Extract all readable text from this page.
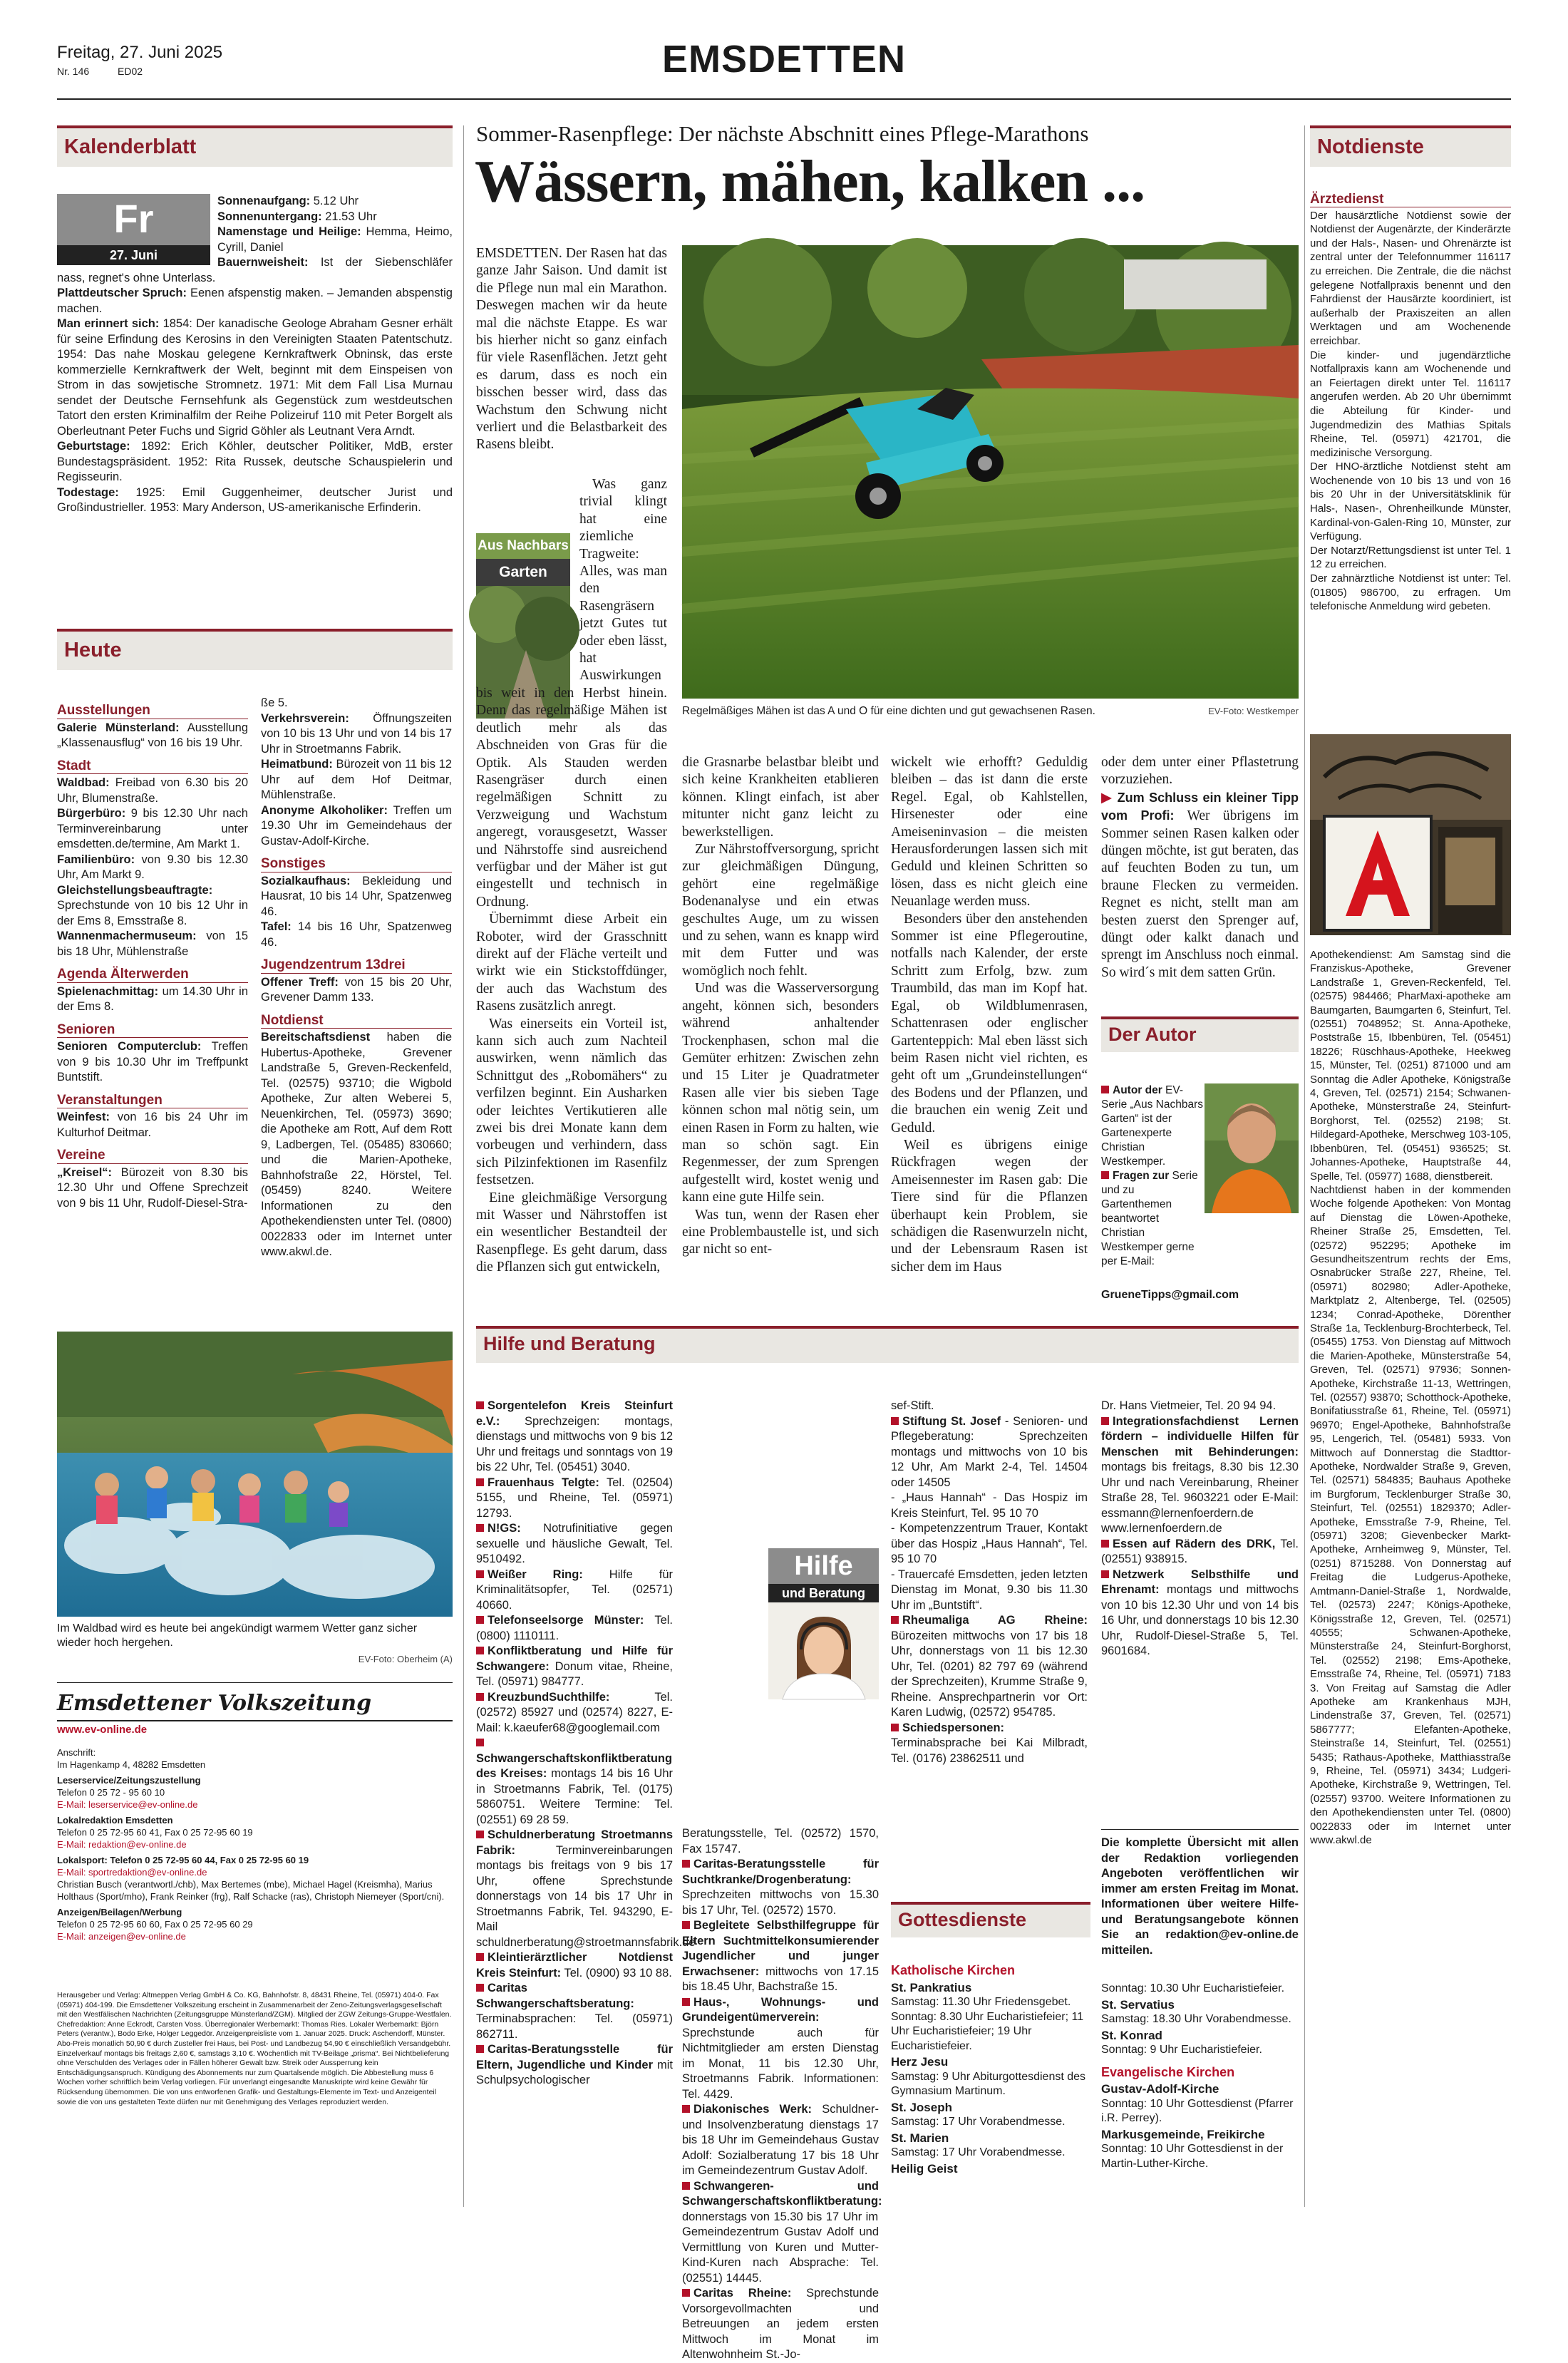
Freitag, 27. Juni 2025
Nr. 146	ED02	EMSDETTEN
Kalenderblatt
Fr
27. Juni
Sonnenaufgang: 5.12 Uhr
Sonnenuntergang: 21.53 Uhr
Namenstage und Heilige: Hemma, Heimo, Cyrill, Daniel
Bauernweisheit: Ist der Siebenschläfer nass, regnet's ohne Unterlass.
Plattdeutscher Spruch: Eenen afspenstig maken. – Jemanden abspenstig machen.
Man erinnert sich: 1854: Der kanadische Geologe Abraham Gesner erhält für seine Erfindung des Kerosins in den Vereinigten Staaten Patentschutz. 1954: Das nahe Moskau gelegene Kernkraftwerk Obninsk, das erste kommerzielle Kernkraftwerk der Welt, beginnt mit dem Einspeisen von Strom in das sowjetische Stromnetz. 1971: Mit dem Fall Lisa Murnau sendet der Deutsche Fernsehfunk als Gegenstück zum westdeutschen Tatort den ersten Kriminalfilm der Reihe Polizeiruf 110 mit Peter Borgelt als Oberleutnant Peter Fuchs und Sigrid Göhler als Leutnant Vera Arndt.
Geburtstage: 1892: Erich Köhler, deutscher Politiker, MdB, erster Bundestagspräsident. 1952: Rita Russek, deutsche Schauspielerin und Regisseurin.
Todestage: 1925: Emil Guggenheimer, deutscher Jurist und Großindustrieller. 1953: Mary Anderson, US-amerikanische Erfinderin.
Heute
Ausstellungen
Galerie Münsterland: Ausstellung „Klassenausflug“ von 16 bis 19 Uhr.
Stadt
Waldbad: Freibad von 6.30 bis 20 Uhr, Blumenstraße.
Bürgerbüro: 9 bis 12.30 Uhr nach Terminvereinbarung unter emsdetten.de/termine, Am Markt 1.
Familienbüro: von 9.30 bis 12.30 Uhr, Am Markt 9.
Gleichstellungsbeauftragte: Sprechstunde von 10 bis 12 Uhr in der Ems 8, Emsstraße 8.
Wannenmachermuseum: von 15 bis 18 Uhr, Mühlenstraße
Agenda Älterwerden
Spielenachmittag: um 14.30 Uhr in der Ems 8.
Senioren
Senioren Computerclub: Treffen von 9 bis 10.30 Uhr im Treffpunkt Buntstift.
Veranstaltungen
Weinfest: von 16 bis 24 Uhr im Kulturhof Deitmar.
Vereine
„Kreisel“: Bürozeit von 8.30 bis 12.30 Uhr und Offene Sprechzeit von 9 bis 11 Uhr, Rudolf-Diesel-Stra-
ße 5.
Verkehrsverein: Öffnungszeiten von 10 bis 13 Uhr und von 14 bis 17 Uhr in Stroetmanns Fabrik.
Heimatbund: Bürozeit von 11 bis 12 Uhr auf dem Hof Deitmar, Mühlenstraße.
Anonyme Alkoholiker: Treffen um 19.30 Uhr im Gemeindehaus der Gustav-Adolf-Kirche.
Sonstiges
Sozialkaufhaus: Bekleidung und Hausrat, 10 bis 14 Uhr, Spatzenweg 46.
Tafel: 14 bis 16 Uhr, Spatzenweg 46.
Jugendzentrum 13drei
Offener Treff: von 15 bis 20 Uhr, Grevener Damm 133.
Notdienst
Bereitschaftsdienst haben die Hubertus-Apotheke, Grevener Landstraße 5, Greven-Reckenfeld, Tel. (02575) 93710; die Wigbold Apotheke, Zur alten Weberei 5, Neuenkirchen, Tel. (05973) 3690; die Apotheke am Rott, Auf dem Rott 9, Ladbergen, Tel. (05485) 830660; und die Marien-Apotheke, Bahnhofstraße 22, Hörstel, Tel. (05459) 8240. Weitere Informationen zu den Apothekendiensten unter Tel. (0800) 0022833 oder im Internet unter www.akwl.de.
Im Waldbad wird es heute bei angekündigt warmem Wetter ganz sicher wieder hoch hergehen.
EV-Foto: Oberheim (A)
Emsdettener Volkszeitung
www.ev-online.de
Anschrift:
Im Hagenkamp 4, 48282 Emsdetten
Leserservice/Zeitungszustellung
Telefon 0 25 72 - 95 60 10
E-Mail: leserservice@ev-online.de
Lokalredaktion Emsdetten
Telefon 0 25 72-95 60 41, Fax 0 25 72-95 60 19
E-Mail: redaktion@ev-online.de
Lokalsport: Telefon 0 25 72-95 60 44, Fax 0 25 72-95 60 19
E-Mail: sportredaktion@ev-online.de
Christian Busch (verantwortl./chb), Max Bertemes (mbe), Michael Hagel (Kreismha), Marius Holthaus (Sport/mho), Frank Reinker (frg), Ralf Schacke (ras), Christoph Niemeyer (Sport/cni).
Anzeigen/Beilagen/Werbung
Telefon 0 25 72-95 60 60, Fax 0 25 72-95 60 29
E-Mail: anzeigen@ev-online.de
Herausgeber und Verlag: Altmeppen Verlag GmbH & Co. KG, Bahnhofstr. 8, 48431 Rheine, Tel. (05971) 404-0. Fax (05971) 404-199. Die Emsdettener Volkszeitung erscheint in Zusammenarbeit der Zeno-Zeitungsverlagsgesellschaft mit den Westfälischen Nachrichten (Zeitungsgruppe Münsterland/ZGM). Mitglied der ZGW Zeitungs-Gruppe-Westfalen. Chefredaktion: Anne Eckrodt, Carsten Voss. Überregionaler Werbemarkt: Thomas Ries. Lokaler Werbemarkt: Björn Peters (verantw.), Bodo Erke, Holger Leggedör. Anzeigenpreisliste vom 1. Januar 2025. Druck: Aschendorff, Münster. Abo-Preis monatlich 50,90 € durch Zusteller frei Haus, bei Post- und Landbezug 54,90 € einschließlich Versandgebühr. Einzelverkauf montags bis freitags 2,60 €, samstags 3,10 €. Wöchentlich mit TV-Beilage „prisma“. Bei Nichtbelieferung ohne Verschulden des Verlages oder in Fällen höherer Gewalt bzw. Streik oder Aussperrung kein Entschädigungsanspruch. Kündigung des Abonnements nur zum Quartalsende möglich. Die Abbestellung muss 6 Wochen vorher schriftlich beim Verlag vorliegen. Für unverlangt eingesandte Manuskripte wird keine Gewähr für Rücksendung übernommen. Die von uns entworfenen Grafik- und Gestaltungs-Elemente im Text- und Anzeigenteil sowie die von uns gestalteten Texte dürfen nur mit Genehmigung des Verlages reproduziert werden.
Sommer-Rasenpflege: Der nächste Abschnitt eines Pflege-Marathons
Wässern, mähen, kalken ...
Regelmäßiges Mähen ist das A und O für eine dichten und gut gewachsenen Rasen.	EV-Foto: Westkemper
Aus Nachbars
Garten
EMSDETTEN. Der Rasen hat das ganze Jahr Saison. Und damit ist die Pflege nun mal ein Marathon. Deswegen machen wir da heute mal die nächste Etappe. Es war bis hierher nicht so ganz einfach für viele Rasenflächen. Jetzt geht es darum, dass es noch ein bisschen besser wird, dass das Wachstum den Schwung nicht verliert und die Belastbarkeit des Rasens bleibt.
Was ganz trivial klingt hat eine ziemliche Tragweite: Alles, was man den Rasengräsern jetzt Gutes tut oder eben lässt, hat Auswirkungen bis weit in den Herbst hinein. Denn das regelmäßige Mähen ist deutlich mehr als das Abschneiden von Gras für die Optik. Als Stauden werden Rasengräser durch einen regelmäßigen Schnitt zu Verzweigung und Wachstum angeregt, vorausgesetzt, Wasser und Nährstoffe sind ausreichend verfügbar und der Mäher ist gut eingestellt und technisch in Ordnung.
Übernimmt diese Arbeit ein Roboter, wird der Grasschnitt direkt auf der Fläche verteilt und wirkt wie ein Stickstoffdünger, der auch das Wachstum des Rasens zusätzlich anregt.
Was einerseits ein Vorteil ist, kann sich auch zum Nachteil auswirken, wenn nämlich das Schnittgut des „Robomähers“ zu verfilzen beginnt. Ein Ausharken oder leichtes Vertikutieren alle zwei bis drei Monate kann dem vorbeugen und verhindern, dass sich Pilzinfektionen im Rasenfilz festsetzen.
Eine gleichmäßige Versorgung mit Wasser und Nährstoffen ist ein wesentlicher Bestandteil der Rasenpflege. Es geht darum, dass die Pflanzen sich gut entwickeln,
die Grasnarbe belastbar bleibt und sich keine Krankheiten etablieren können. Klingt einfach, ist aber mitunter nicht ganz leicht zu bewerkstelligen.
Zur Nährstoffversorgung, spricht zur gleichmäßigen Düngung, gehört eine regelmäßige Bodenanalyse und ein etwas geschultes Auge, um zu wissen und zu sehen, wann es knapp wird mit dem Futter und was womöglich noch fehlt.
Und was die Wasserversorgung angeht, können sich, besonders während anhaltender Trockenphasen, schon mal die Gemüter erhitzen: Zwischen zehn und 15 Liter je Quadratmeter Rasen alle vier bis sieben Tage können schon mal nötig sein, um einen Rasen in Form zu halten, wie man so schön sagt. Ein Regenmesser, der zum Sprengen aufgestellt wird, kostet wenig und kann eine gute Hilfe sein.
Was tun, wenn der Rasen eher eine Problembaustelle ist, und sich gar nicht so ent-
wickelt wie erhofft? Geduldig bleiben – das ist dann die erste Regel. Egal, ob Kahlstellen, Hirsenester oder eine Ameiseninvasion – die meisten Herausforderungen lassen sich mit Geduld und kleinen Schritten so lösen, dass es nicht gleich eine Neuanlage werden muss.
Besonders über den anstehenden Sommer ist eine Pflegeroutine, notfalls nach Kalender, der erste Schritt zum Erfolg, bzw. zum Traumbild, das man im Kopf hat. Egal, ob Wildblumenrasen, Schattenrasen oder englischer Gartenteppich: Mal eben lässt sich beim Rasen nicht viel richten, es geht oft um „Grundeinstellungen“ des Bodens und der Pflanzen, und die brauchen ein wenig Zeit und Geduld.
Weil es übrigens einige Rückfragen wegen der Ameisennester im Rasen gab: Die Tiere sind für die Pflanzen überhaupt kein Problem, sie schädigen die Rasenwurzeln nicht, und der Lebensraum Rasen ist sicher dem im Haus
oder dem unter einer Pflastetrung vorzuziehen.
▶ Zum Schluss ein kleiner Tipp vom Profi: Wer übrigens im Sommer seinen Rasen kalken oder düngen möchte, ist gut beraten, das auf feuchten Boden zu tun, um braune Flecken zu vermeiden. Regnet es nicht, stellt man am besten zuerst den Sprenger auf, düngt oder kalkt danach und sprengt im Anschluss noch einmal. So wird´s mit dem satten Grün.
Der Autor
Autor der EV-Serie „Aus Nachbars Garten“ ist der Gartenexperte Christian Westkemper.
Fragen zur Serie und zu Gartenthemen beantwortet Christian Westkemper gerne per E-Mail:
GrueneTipps@gmail.com
Hilfe und Beratung
Sorgentelefon Kreis Steinfurt e.V.: Sprechzeigen: montags, dienstags und mittwochs von 9 bis 12 Uhr und freitags und sonntags von 19 bis 22 Uhr, Tel. (05451) 3040.
Frauenhaus Telgte: Tel. (02504) 5155, und Rheine, Tel. (05971) 12793.
N!GS: Notrufinitiative gegen sexuelle und häusliche Gewalt, Tel. 9510492.
Weißer Ring: Hilfe für Kriminalitätsopfer, Tel. (02571) 40660.
Telefonseelsorge Münster: Tel. (0800) 1110111.
Konfliktberatung und Hilfe für Schwangere: Donum vitae, Rheine, Tel. (05971) 984777.
KreuzbundSuchthilfe: Tel. (02572) 85927 und (02574) 8227, E-Mail: k.kaeufer68@googlemail.com
Schwangerschaftskonfliktberatung des Kreises: montags 14 bis 16 Uhr in Stroetmanns Fabrik, Tel. (0175) 5860751. Weitere Termine: Tel. (02551) 69 28 59.
Schuldnerberatung Stroetmanns Fabrik: Terminvereinbarungen montags bis freitags von 9 bis 17 Uhr, offene Sprechstunde donnerstags von 14 bis 17 Uhr in Stroetmanns Fabrik, Tel. 943290, E-Mail schuldnerberatung@stroetmannsfabrik.de
Kleintierärztlicher Notdienst Kreis Steinfurt: Tel. (0900) 93 10 88.
Caritas Schwangerschaftsberatung: Terminabsprachen: Tel. (05971) 862711.
Caritas-Beratungsstelle für Eltern, Jugendliche und Kinder mit Schulpsychologischer
Beratungsstelle, Tel. (02572) 1570, Fax 15747.
Caritas-Beratungsstelle für Suchtkranke/Drogenberatung: Sprechzeiten mittwochs von 15.30 bis 17 Uhr, Tel. (02572) 1570.
Begleitete Selbsthilfegruppe für Eltern Suchtmittelkonsumierender Jugendlicher und junger Erwachsener: mittwochs von 17.15 bis 18.45 Uhr, Bachstraße 15.
Haus-, Wohnungs- und Grundeigentümerverein: Sprechstunde auch für Nichtmitglieder am ersten Dienstag im Monat, 11 bis 12.30 Uhr, Stroetmanns Fabrik. Informationen: Tel. 4429.
Diakonisches Werk: Schuldner- und Insolvenzberatung dienstags 17 bis 18 Uhr im Gemeindehaus Gustav Adolf: Sozialberatung 17 bis 18 Uhr im Gemeindezentrum Gustav Adolf.
Schwangeren- und Schwangerschaftskonfliktberatung: donnerstags von 15.30 bis 17 Uhr im Gemeindezentrum Gustav Adolf und Vermittlung von Kuren und Mutter-Kind-Kuren nach Absprache: Tel. (02551) 14445.
Caritas Rheine: Sprechstunde Vorsorgevollmachten und Betreuungen an jedem ersten Mittwoch im Monat im Altenwohnheim St.-Jo-
Hilfe
und Beratung
sef-Stift.
Stiftung St. Josef - Senioren- und Pflegeberatung: Sprechzeiten montags und mittwochs von 10 bis 12 Uhr, Am Markt 2-4, Tel. 14504 oder 14505
- „Haus Hannah“ - Das Hospiz im Kreis Steinfurt, Tel. 95 10 70
- Kompetenzzentrum Trauer, Kontakt über das Hospiz „Haus Hannah“, Tel. 95 10 70
- Trauercafé Emsdetten, jeden letzten Dienstag im Monat, 9.30 bis 11.30 Uhr im „Buntstift“.
Rheumaliga AG Rheine: Bürozeiten mittwochs von 17 bis 18 Uhr, donnerstags von 11 bis 12.30 Uhr, Tel. (0201) 82 797 69 (während der Sprechzeiten), Krumme Straße 9, Rheine. Ansprechpartnerin vor Ort: Karen Ludwig, (02572) 954785.
Schiedspersonen: Terminabsprache bei Kai Milbradt, Tel. (0176) 23862511 und
Dr. Hans Vietmeier, Tel. 20 94 94.
Integrationsfachdienst Lernen fördern – individuelle Hilfen für Menschen mit Behinderungen: montags bis freitags, 8.30 bis 12.30 Uhr und nach Vereinbarung, Rheiner Straße 28, Tel. 9603221 oder E-Mail: essmann@lernenfoerdern.de www.lernenfoerdern.de
Essen auf Rädern des DRK, Tel. (02551) 938915.
Netzwerk Selbsthilfe und Ehrenamt: montags und mittwochs von 10 bis 12.30 Uhr und von 14 bis 16 Uhr, und donnerstags 10 bis 12.30 Uhr, Rudolf-Diesel-Straße 5, Tel. 9601684.
Die komplette Übersicht mit allen der Redaktion vorliegenden Angeboten veröffentlichen wir immer am ersten Freitag im Monat. Informationen über weitere Hilfe- und Beratungsangebote können Sie an redaktion@ev-online.de mitteilen.
Gottesdienste
Katholische Kirchen
St. Pankratius
Samstag: 11.30 Uhr Friedensgebet. Sonntag: 8.30 Uhr Eucharistiefeier; 11 Uhr Eucharistiefeier; 19 Uhr Eucharistiefeier.
Herz Jesu
Samstag: 9 Uhr Abiturgottesdienst des Gymnasium Martinum.
St. Joseph
Samstag: 17 Uhr Vorabendmesse.
St. Marien
Samstag: 17 Uhr Vorabendmesse.
Heilig Geist
Sonntag: 10.30 Uhr Eucharistiefeier.
St. Servatius
Samstag: 18.30 Uhr Vorabendmesse.
St. Konrad
Sonntag: 9 Uhr Eucharistiefeier.
Evangelische Kirchen
Gustav-Adolf-Kirche
Sonntag: 10 Uhr Gottesdienst (Pfarrer i.R. Perrey).
Markusgemeinde, Freikirche
Sonntag: 10 Uhr Gottesdienst in der Martin-Luther-Kirche.
Notdienste
Ärztedienst
Der hausärztliche Notdienst sowie der Notdienst der Augenärzte, der Kinderärzte und der Hals-, Nasen- und Ohrenärzte ist zentral unter der Telefonnummer 116117 zu erreichen. Die Zentrale, die die nächst gelegene Notfallpraxis benennt und den Fahrdienst der Hausärzte koordiniert, ist außerhalb der Praxiszeiten an allen Werktagen und am Wochenende erreichbar.
Die kinder- und jugendärztliche Notfallpraxis kann am Wochenende und an Feiertagen direkt unter Tel. 116117 angerufen werden. Ab 20 Uhr übernimmt die Abteilung für Kinder- und Jugendmedizin des Mathias Spitals Rheine, Tel. (05971) 421701, die medizinische Versorgung.
Der HNO-ärztliche Notdienst steht am Wochenende von 10 bis 13 und von 16 bis 20 Uhr in der Universitätsklinik für Hals-, Nasen-, Ohrenheilkunde Münster, Kardinal-von-Galen-Ring 10, Münster, zur Verfügung.
Der Notarzt/Rettungsdienst ist unter Tel. 1 12 zu erreichen.
Der zahnärztliche Notdienst ist unter: Tel. (01805) 986700, zu erfragen. Um telefonische Anmeldung wird gebeten.
Apothekendienst: Am Samstag sind die Franziskus-Apotheke, Grevener Landstraße 1, Greven-Reckenfeld, Tel. (02575) 984466; PharMaxi-apotheke am Baumgarten, Baumgarten 6, Steinfurt, Tel. (02551) 7048952; St. Anna-Apotheke, Poststraße 15, Ibbenbüren, Tel. (05451) 18226; Rüschhaus-Apotheke, Heekweg 15, Münster, Tel. (0251) 871000 und am Sonntag die Adler Apotheke, Königstraße 4, Greven, Tel. (02571) 2154; Schwanen-Apotheke, Münsterstraße 24, Steinfurt-Borghorst, Tel. (02552) 2198; St. Hildegard-Apotheke, Merschweg 103-105, Ibbenbüren, Tel. (05451) 936525; St. Johannes-Apotheke, Hauptstraße 44, Spelle, Tel. (05977) 1688, dienstbereit.
Nachtdienst haben in der kommenden Woche folgende Apotheken: Von Montag auf Dienstag die Löwen-Apotheke, Rheiner Straße 25, Emsdetten, Tel. (02572) 952295; Apotheke im Gesundheitszentrum rechts der Ems, Osnabrücker Straße 227, Rheine, Tel. (05971) 802980; Adler-Apotheke, Marktplatz 2, Altenberge, Tel. (02505) 1234; Conrad-Apotheke, Dörenther Straße 1a, Tecklenburg-Brochterbeck, Tel. (05455) 1753. Von Dienstag auf Mittwoch die Marien-Apotheke, Münsterstraße 54, Greven, Tel. (02571) 97936; Sonnen-Apotheke, Kirchstraße 11-13, Wettringen, Tel. (02557) 93870; Schotthock-Apotheke, Bonifatiusstraße 61, Rheine, Tel. (05971) 96970; Engel-Apotheke, Bahnhofstraße 95, Lengerich, Tel. (05481) 5933. Von Mittwoch auf Donnerstag die Stadttor-Apotheke, Nordwalder Straße 9, Greven, Tel. (02571) 584835; Bauhaus Apotheke im Burgforum, Tecklenburger Straße 30, Steinfurt, Tel. (02551) 1829370; Adler-Apotheke, Emsstraße 7-9, Rheine, Tel. (05971) 3208; Gievenbecker Markt-Apotheke, Arnheimweg 9, Münster, Tel. (0251) 8715288. Von Donnerstag auf Freitag die Ludgerus-Apotheke, Amtmann-Daniel-Straße 1, Nordwalde, Tel. (02573) 2247; Königs-Apotheke, Königsstraße 12, Greven, Tel. (02571) 40555; Schwanen-Apotheke, Münsterstraße 24, Steinfurt-Borghorst, Tel. (02552) 2198; Ems-Apotheke, Emsstraße 74, Rheine, Tel. (05971) 7183 3. Von Freitag auf Samstag die Adler Apotheke am Krankenhaus MJH, Lindenstraße 37, Greven, Tel. (02571) 5867777; Elefanten-Apotheke, Steinstraße 14, Steinfurt, Tel. (02551) 5435; Rathaus-Apotheke, Matthiasstraße 9, Rheine, Tel. (05971) 3434; Ludgeri-Apotheke, Kirchstraße 9, Wettringen, Tel. (02557) 93700. Weitere Informationen zu den Apothekendiensten unter Tel. (0800) 0022833 oder im Internet unter www.akwl.de
